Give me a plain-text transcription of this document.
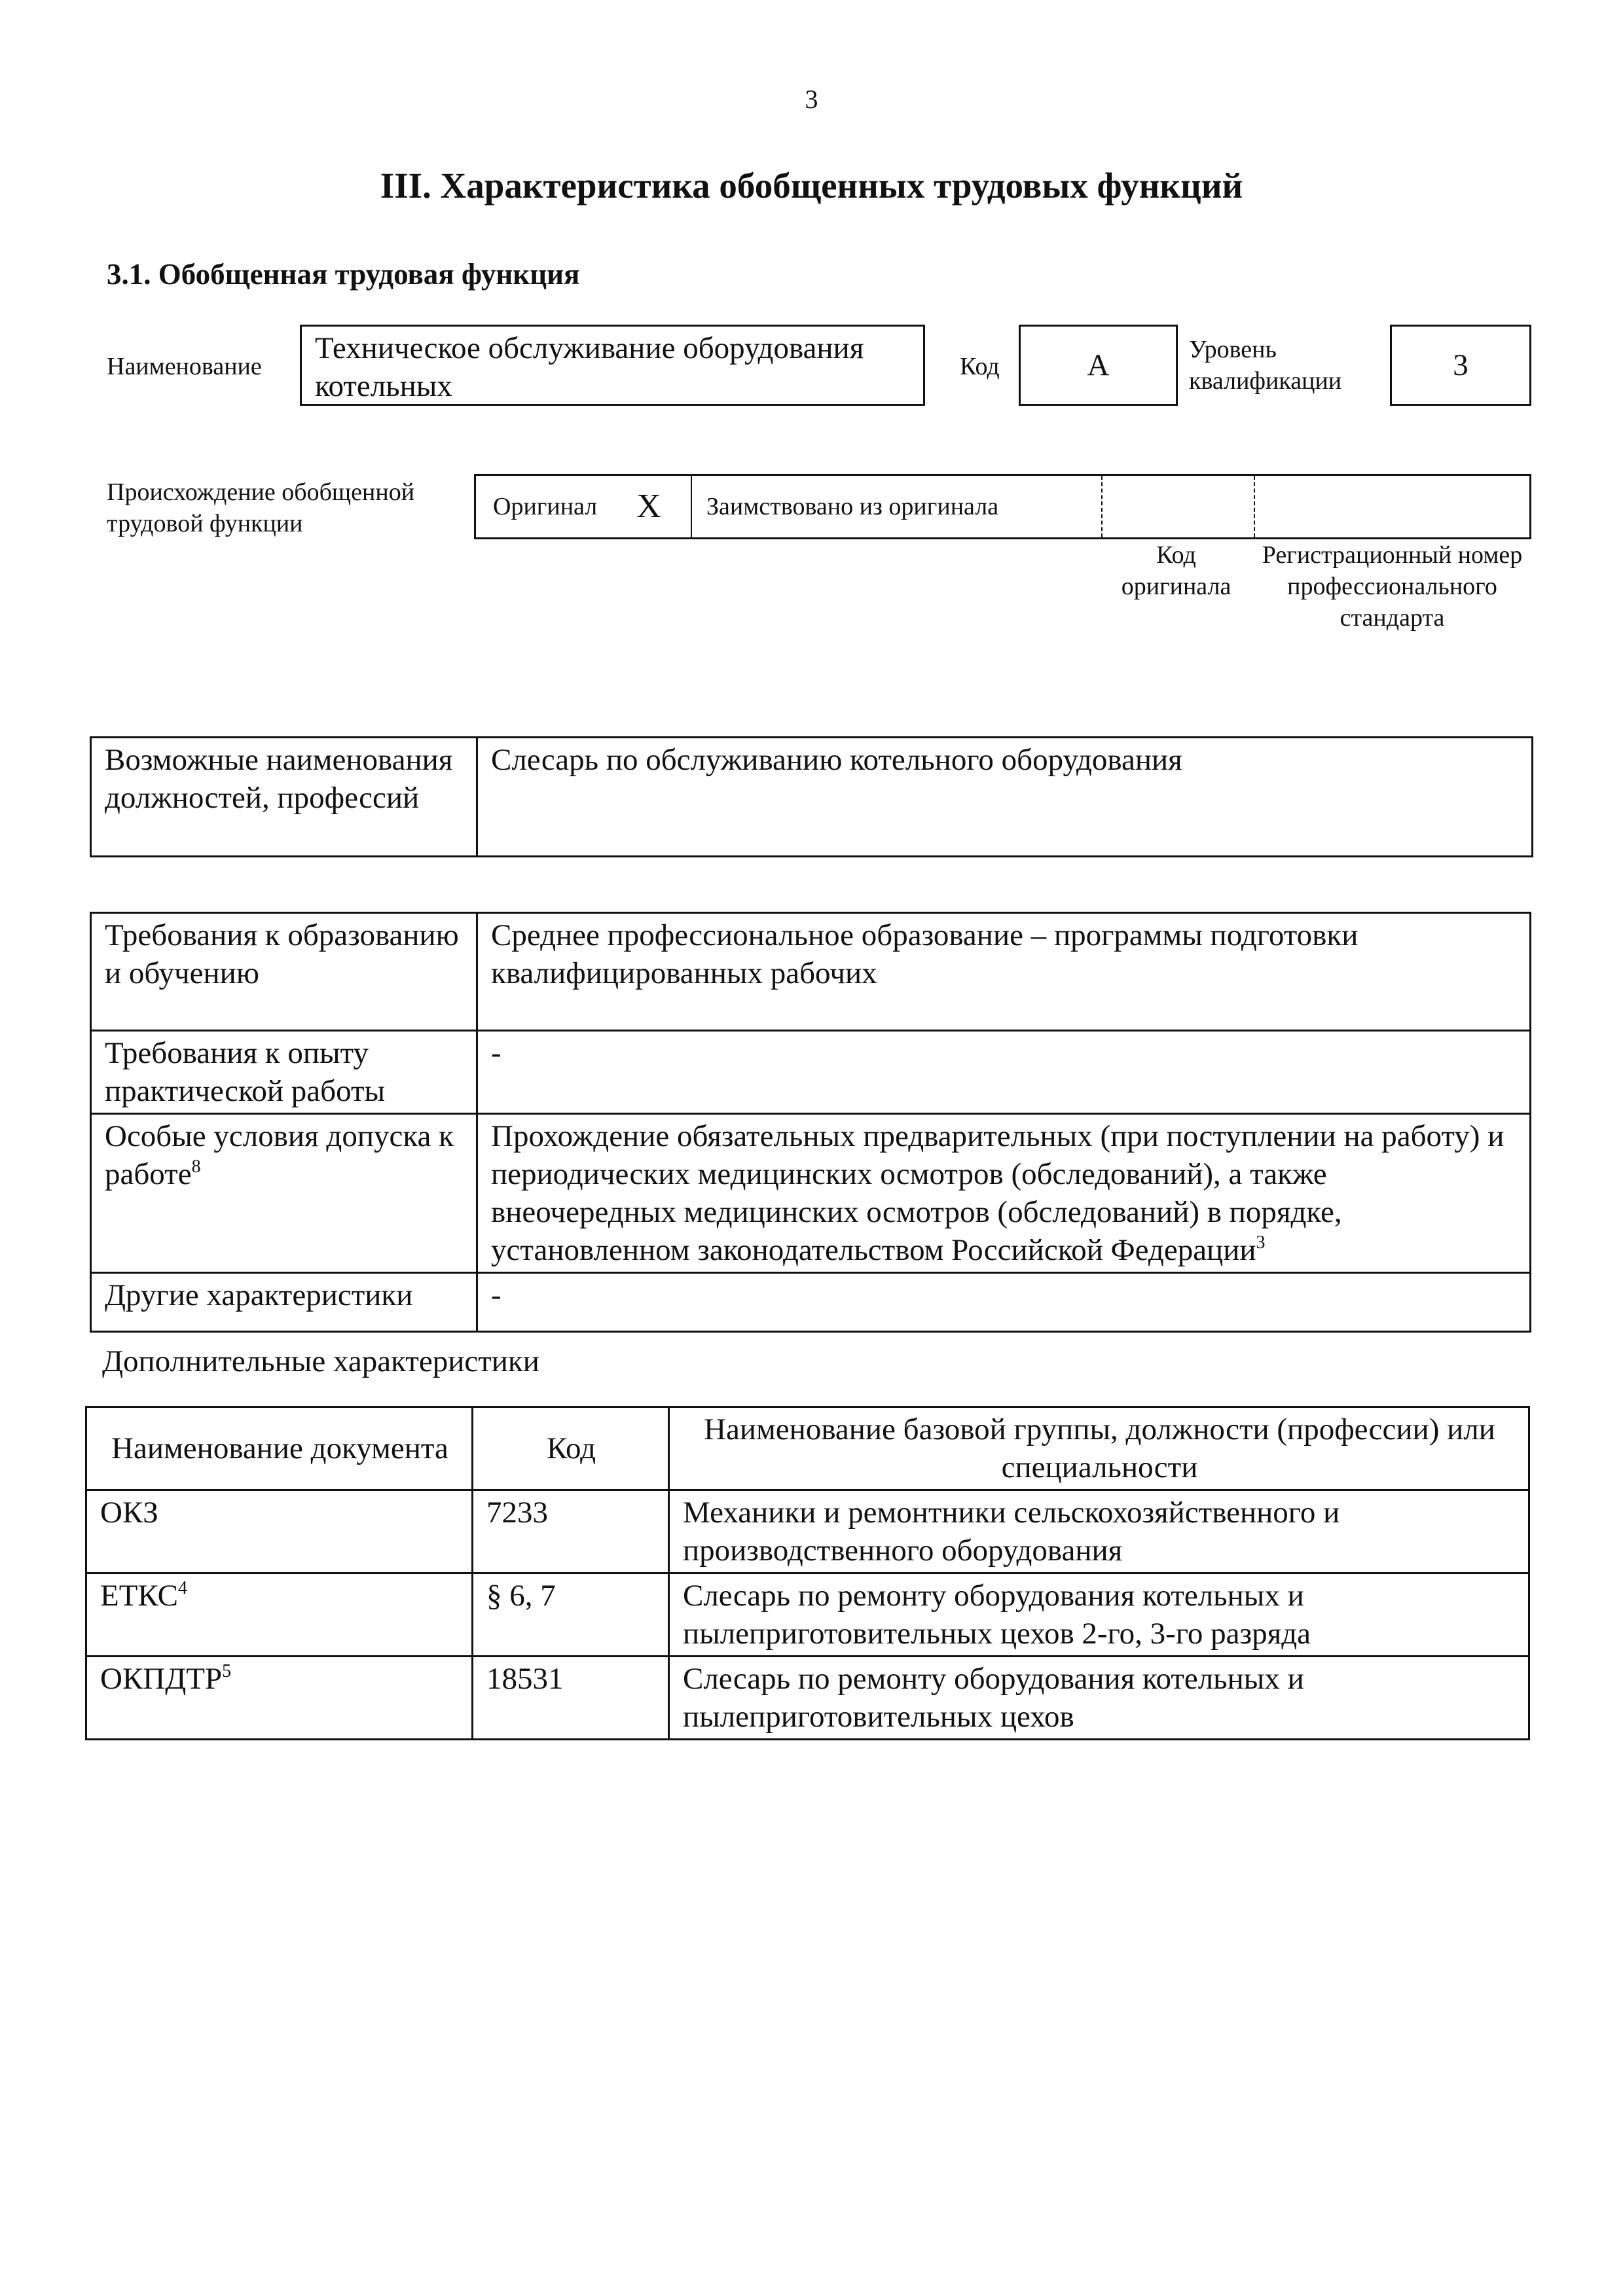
3
III. Характеристика обобщенных трудовых функций
3.1. Обобщенная трудовая функция
Наименование
Техническое обслуживание оборудования котельных
Код	А	Уровень квалификации	3
Происхождение обобщенной трудовой функции
Оригинал X Заимствовано из оригинала
Код оригинала
Регистрационный номер профессионального стандарта
Возможные наименования должностей, профессий	Слесарь по обслуживанию котельного оборудования
Требования к образованию и обучению	Среднее профессиональное образование – программы подготовки квалифицированных рабочих
Требования к опыту практической работы	-
Особые условия допуска к работе$^8$	Прохождение обязательных предварительных (при поступлении на работу) и периодических медицинских осмотров (обследований), а также внеочередных медицинских осмотров (обследований) в порядке, установленном законодательством Российской Федерации$^3$
Другие характеристики	-
Дополнительные характеристики
Наименование документа	Код	Наименование базовой группы, должности (профессии) или специальности
ОКЗ	7233	Механики и ремонтники сельскохозяйственного и производственного оборудования
ЕТКС$^4$	§ 6, 7	Слесарь по ремонту оборудования котельных и пылеприготовительных цехов 2-го, 3-го разряда
ОКПДТР$^5$	18531	Слесарь по ремонту оборудования котельных и пылеприготовительных цехов
